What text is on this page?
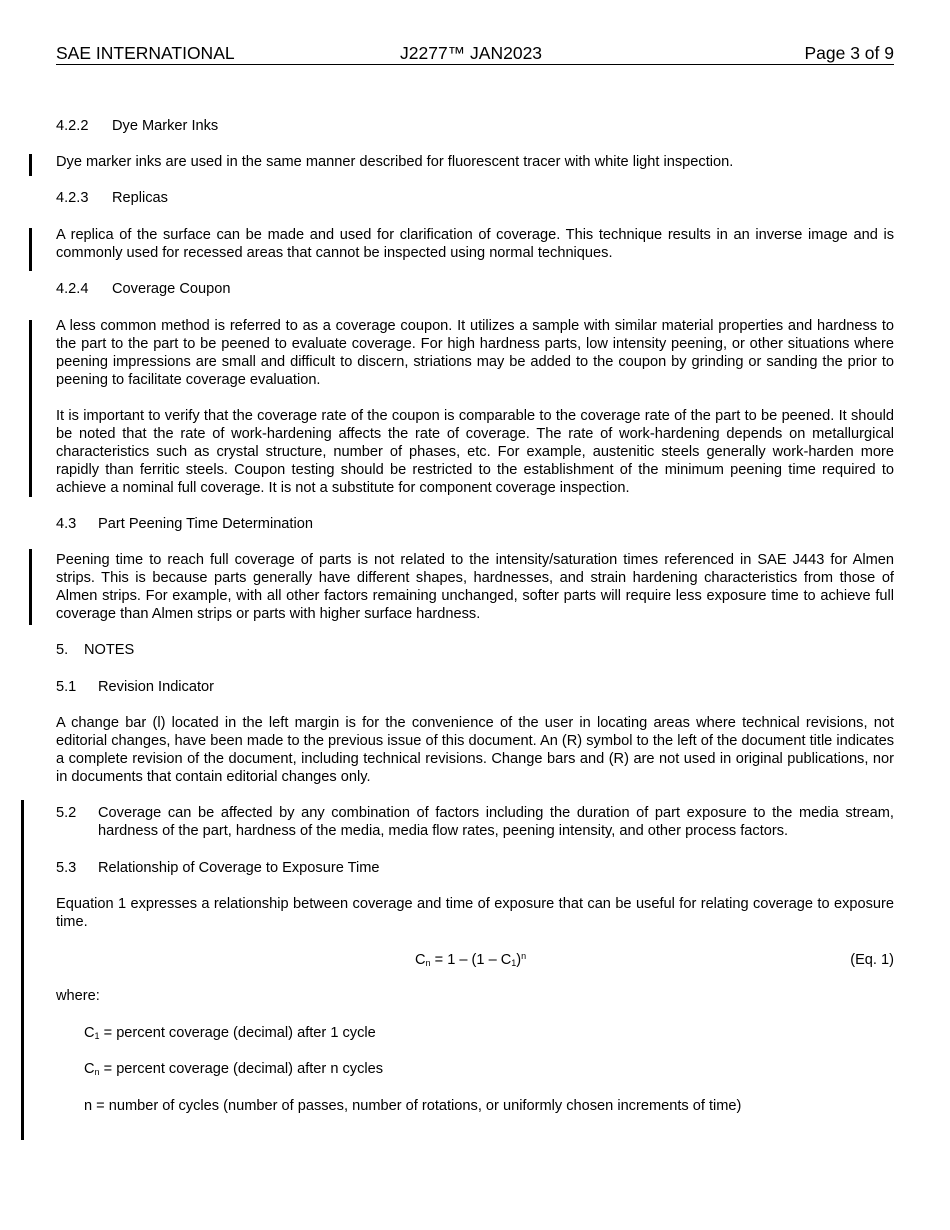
SAE INTERNATIONAL	J2277™ JAN2023	Page 3 of 9
4.2.2 Dye Marker Inks

Dye marker inks are used in the same manner described for fluorescent tracer with white light inspection.

4.2.3 Replicas

A replica of the surface can be made and used for clarification of coverage. This technique results in an inverse image and is commonly used for recessed areas that cannot be inspected using normal techniques.

4.2.4 Coverage Coupon

A less common method is referred to as a coverage coupon. It utilizes a sample with similar material properties and hardness to the part to the part to be peened to evaluate coverage. For high hardness parts, low intensity peening, or other situations where peening impressions are small and difficult to discern, striations may be added to the coupon by grinding or sanding the prior to peening to facilitate coverage evaluation.

It is important to verify that the coverage rate of the coupon is comparable to the coverage rate of the part to be peened. It should be noted that the rate of work-hardening affects the rate of coverage. The rate of work-hardening depends on metallurgical characteristics such as crystal structure, number of phases, etc. For example, austenitic steels generally work-harden more rapidly than ferritic steels. Coupon testing should be restricted to the establishment of the minimum peening time required to achieve a nominal full coverage. It is not a substitute for component coverage inspection.

4.3 Part Peening Time Determination

Peening time to reach full coverage of parts is not related to the intensity/saturation times referenced in SAE J443 for Almen strips. This is because parts generally have different shapes, hardnesses, and strain hardening characteristics from those of Almen strips. For example, with all other factors remaining unchanged, softer parts will require less exposure time to achieve full coverage than Almen strips or parts with higher surface hardness.

5. NOTES
5.1 Revision Indicator

A change bar (l) located in the left margin is for the convenience of the user in locating areas where technical revisions, not editorial changes, have been made to the previous issue of this document. An (R) symbol to the left of the document title indicates a complete revision of the document, including technical revisions. Change bars and (R) are not used in original publications, nor in documents that contain editorial changes only.

5.2 Coverage can be affected by any combination of factors including the duration of part exposure to the media stream, hardness of the part, hardness of the media, media flow rates, peening intensity, and other process factors.
5.3 Relationship of Coverage to Exposure Time

Equation 1 expresses a relationship between coverage and time of exposure that can be useful for relating coverage to exposure time.

$C_n = 1 - (1 - C_1)^n$	(Eq. 1)
where:
$C_1$ = percent coverage (decimal) after 1 cycle
$C_n$ = percent coverage (decimal) after n cycles
n = number of cycles (number of passes, number of rotations, or uniformly chosen increments of time)
